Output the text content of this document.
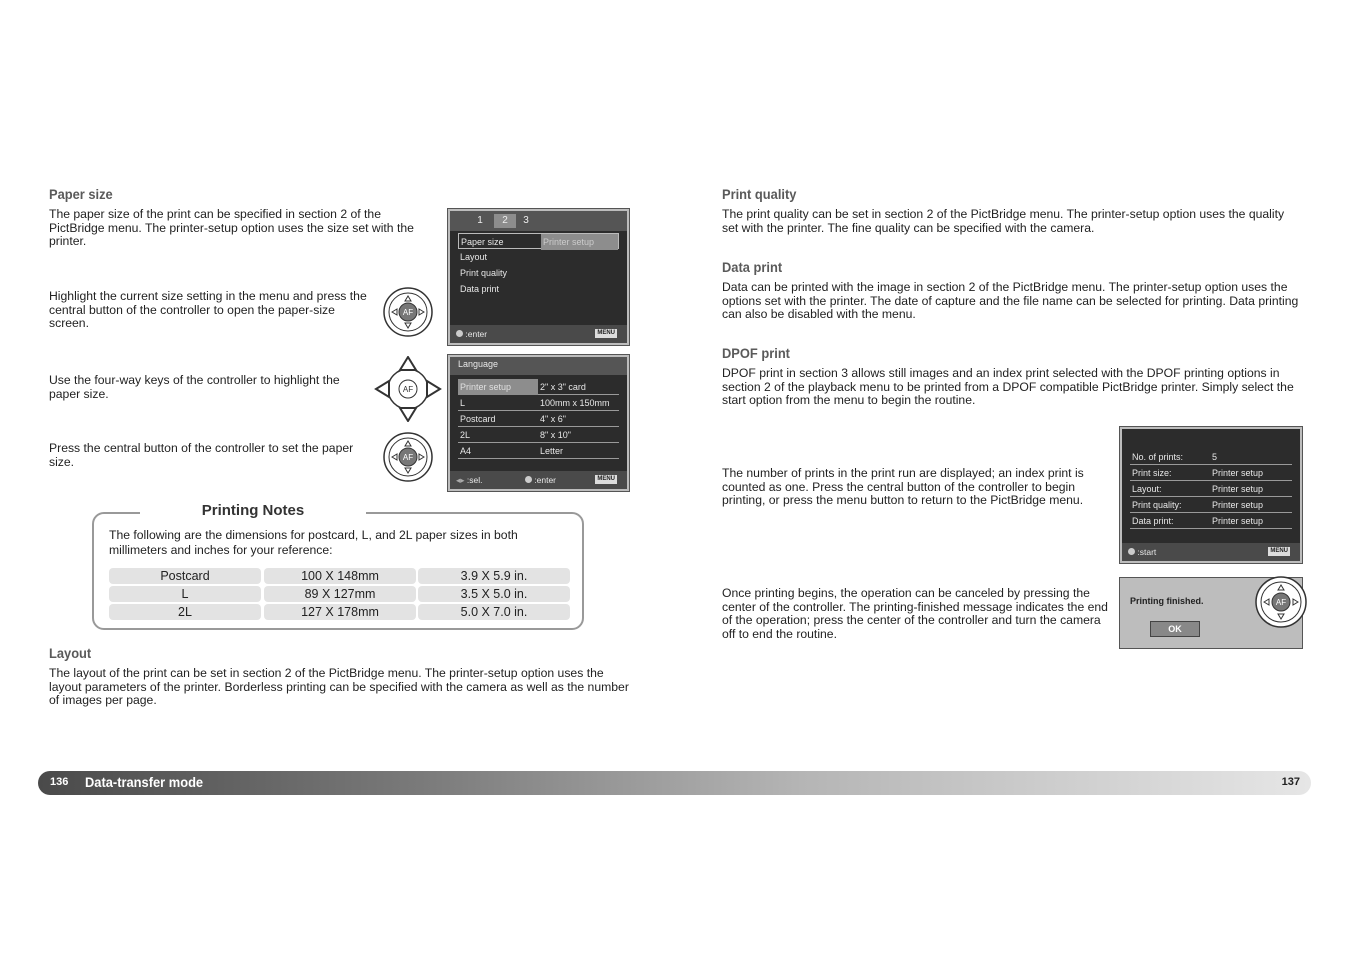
Paper size
The paper size of the print can be specified in section 2 of the PictBridge menu. The printer-setup option uses the size set with the printer.
Highlight the current size setting in the menu and press the central button of the controller to open the paper-size screen.
Use the four-way keys of the controller to highlight the paper size.
Press the central button of the controller to set the paper size.
AF
AF
AF
1	2	3
Paper size	Printer setup
Layout
Print quality
Data print
:enter	MENU
Language
Printer setup	2" x 3" card
L	100mm x 150mm
Postcard	4" x 6"
2L	8" x 10"
A4	Letter
◂▸ :sel.	:enter	MENU
The following are the dimensions for postcard, L, and 2L paper sizes in both millimeters and inches for your reference:
Printing Notes
Postcard	100 X 148mm	3.9 X 5.9 in.
L	89 X 127mm	3.5 X 5.0 in.
2L	127 X 178mm	5.0 X 7.0 in.
Layout
The layout of the print can be set in section 2 of the PictBridge menu. The printer-setup option uses the layout parameters of the printer. Borderless printing can be specified with the camera as well as the number of images per page.
Print quality
The print quality can be set in section 2 of the PictBridge menu. The printer-setup option uses the quality set with the printer. The fine quality can be specified with the camera.
Data print
Data can be printed with the image in section 2 of the PictBridge menu. The printer-setup option uses the options set with the printer. The date of capture and the file name can be selected for printing. Data printing can also be disabled with the menu.
DPOF print
DPOF print in section 3 allows still images and an index print selected with the DPOF printing options in section 2 of the playback menu to be printed from a DPOF compatible PictBridge printer. Simply select the start option from the menu to begin the routine.
The number of prints in the print run are displayed; an index print is counted as one. Press the central button of the controller to begin printing, or press the menu button to return to the PictBridge menu.
Once printing begins, the operation can be canceled by pressing the center of the controller. The printing-finished message indicates the end of the operation; press the center of the controller and turn the camera off to end the routine.
No. of prints:	5
Print size:	Printer setup
Layout:	Printer setup
Print quality:	Printer setup
Data print:	Printer setup
:start	MENU
Printing finished.
OK
AF
136 Data-transfer mode	137
